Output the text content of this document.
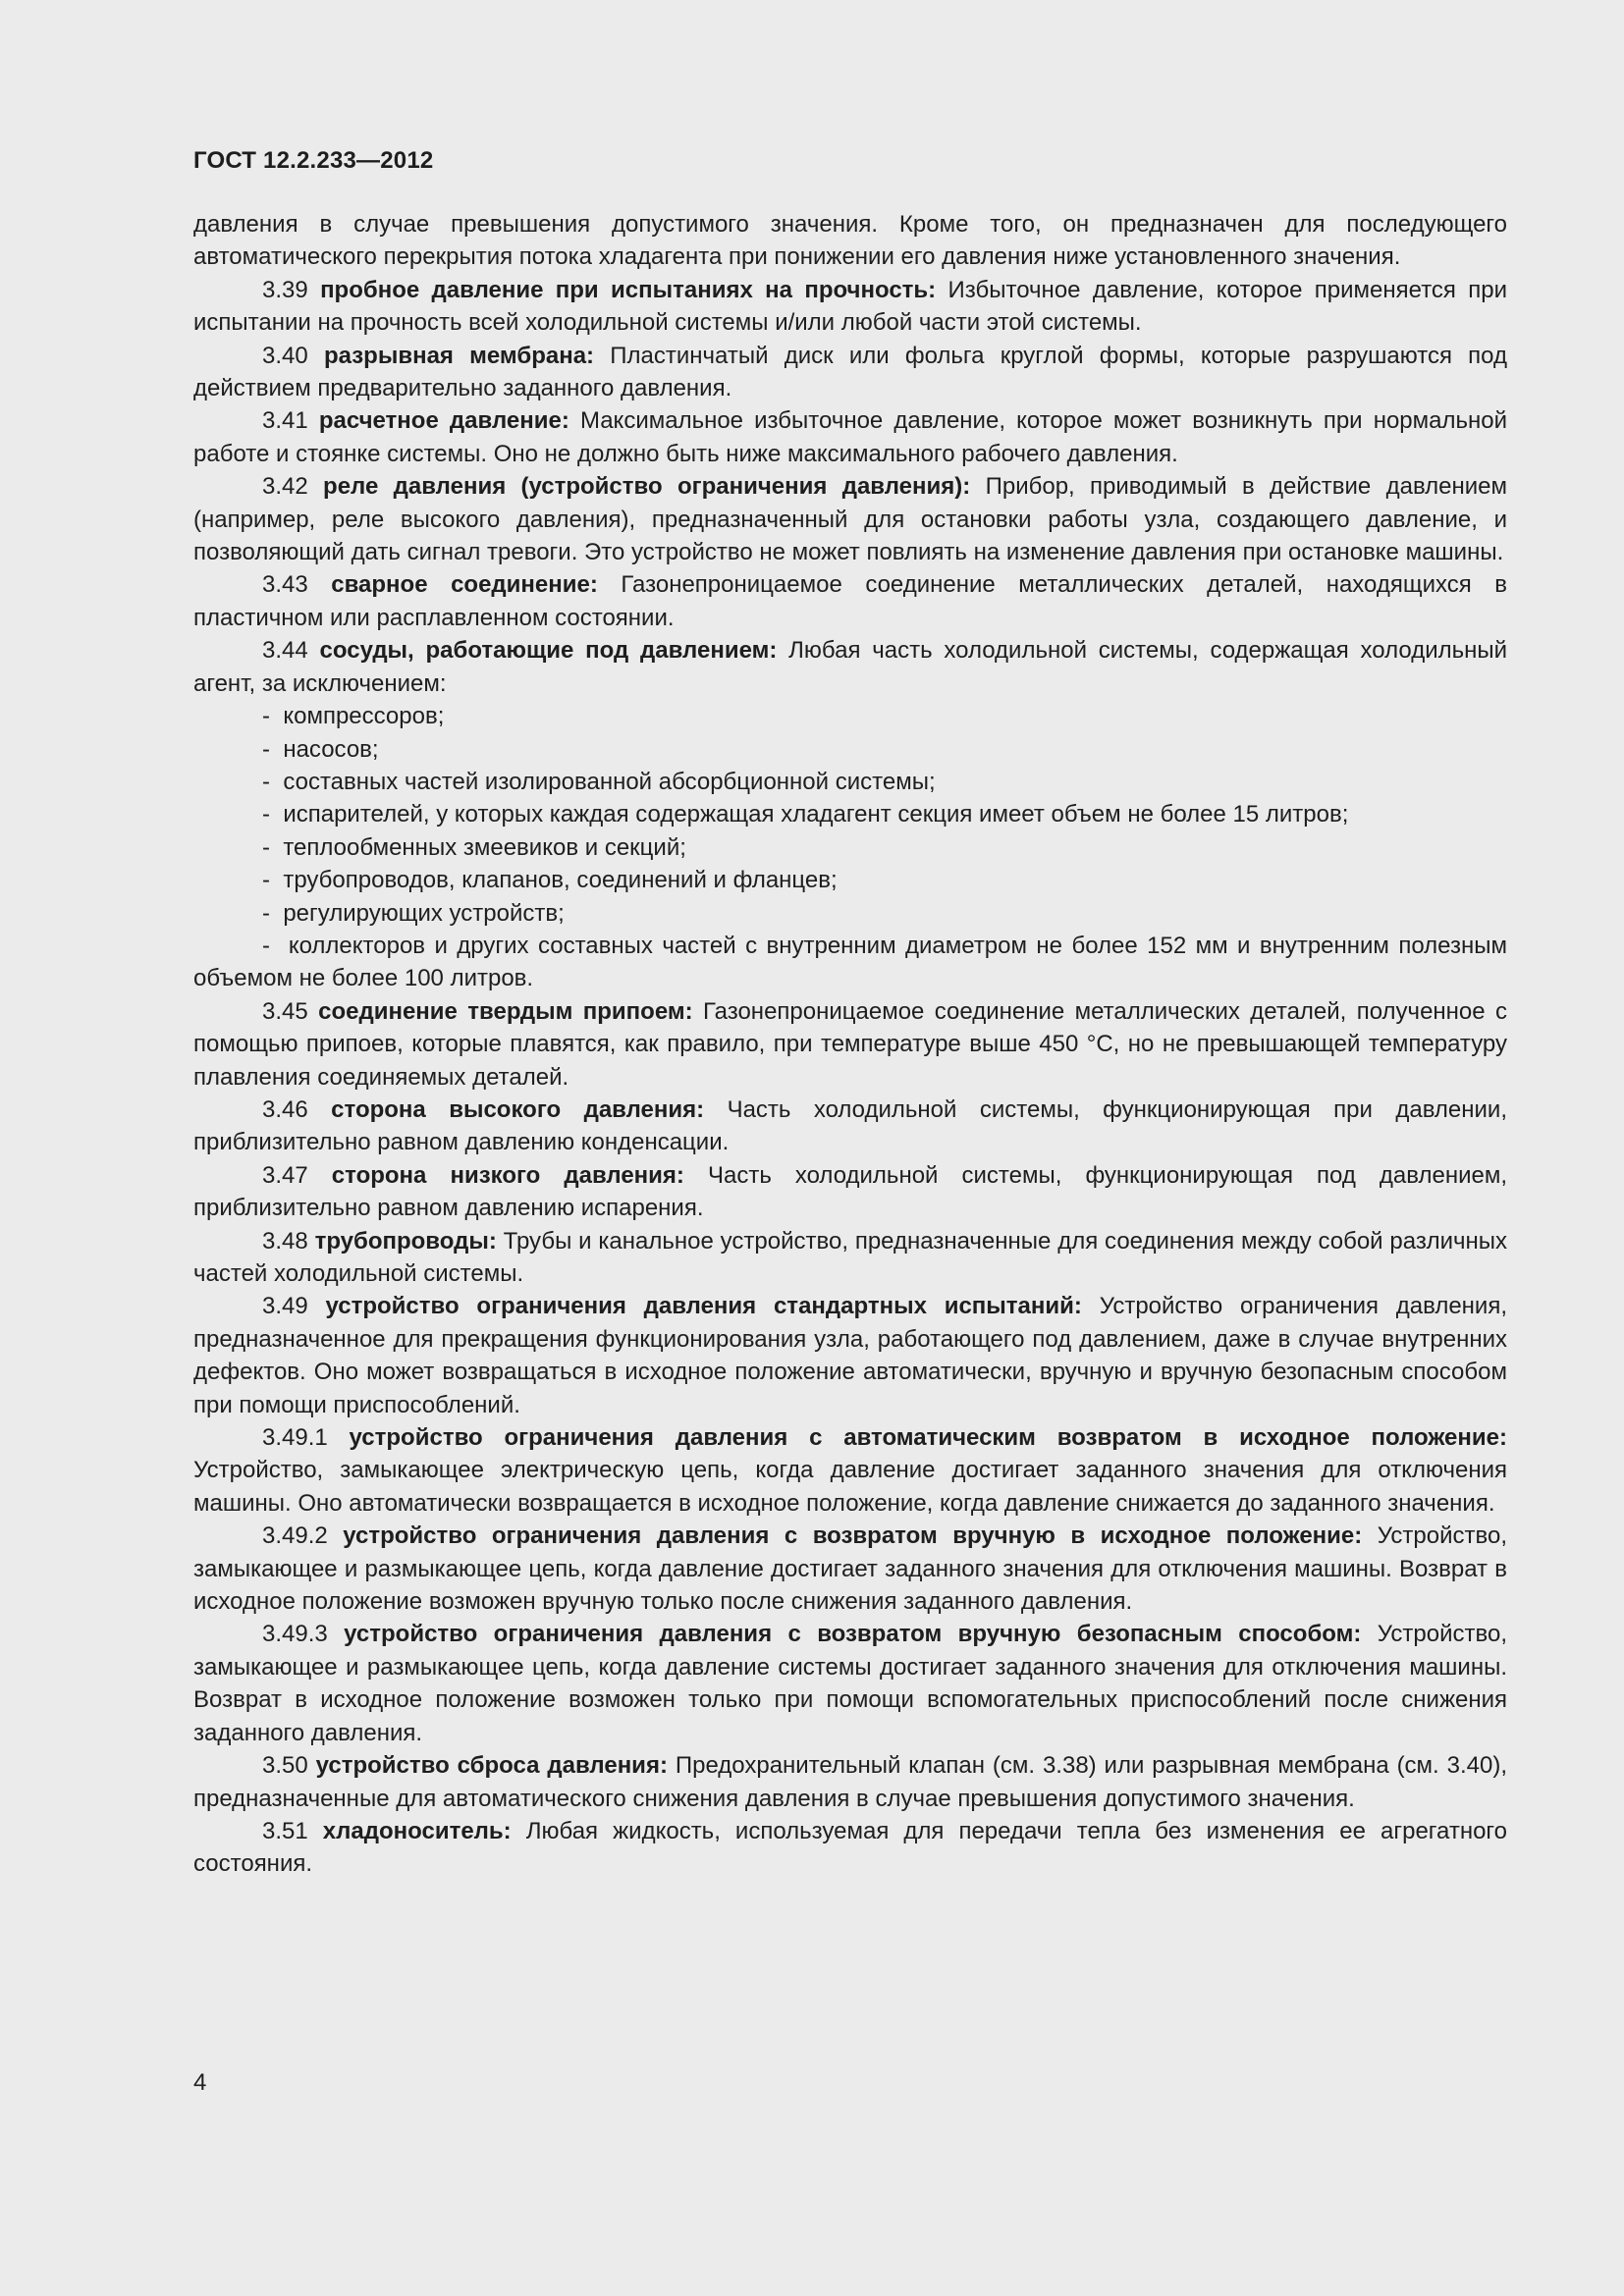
ГОСТ 12.2.233—2012

давления в случае превышения допустимого значения. Кроме того, он предназначен для последующего автоматического перекрытия потока хладагента при понижении его давления ниже установленного значения.

3.39 пробное давление при испытаниях на прочность: Избыточное давление, которое применяется при испытании на прочность всей холодильной системы и/или любой части этой системы.

3.40 разрывная мембрана: Пластинчатый диск или фольга круглой формы, которые разрушаются под действием предварительно заданного давления.

3.41 расчетное давление: Максимальное избыточное давление, которое может возникнуть при нормальной работе и стоянке системы. Оно не должно быть ниже максимального рабочего давления.

3.42 реле давления (устройство ограничения давления): Прибор, приводимый в действие давлением (например, реле высокого давления), предназначенный для остановки работы узла, создающего давление, и позволяющий дать сигнал тревоги. Это устройство не может повлиять на изменение давления при остановке машины.

3.43 сварное соединение: Газонепроницаемое соединение металлических деталей, находящихся в пластичном или расплавленном состоянии.

3.44 сосуды, работающие под давлением: Любая часть холодильной системы, содержащая холодильный агент, за исключением:

-  компрессоров;

-  насосов;

-  составных частей изолированной абсорбционной системы;

-  испарителей, у которых каждая содержащая хладагент секция имеет объем не более 15 литров;

-  теплообменных змеевиков и секций;

-  трубопроводов, клапанов, соединений и фланцев;

-  регулирующих устройств;

-  коллекторов и других составных частей с внутренним диаметром не более 152 мм и внутренним полезным объемом не более 100 литров.

3.45 соединение твердым припоем: Газонепроницаемое соединение металлических деталей, полученное с помощью припоев, которые плавятся, как правило, при температуре выше 450 °С, но не превышающей температуру плавления соединяемых деталей.

3.46 сторона высокого давления: Часть холодильной системы, функционирующая при давлении, приблизительно равном давлению конденсации.

3.47 сторона низкого давления: Часть холодильной системы, функционирующая под давлением, приблизительно равном давлению испарения.

3.48 трубопроводы: Трубы и канальное устройство, предназначенные для соединения между собой различных частей холодильной системы.

3.49 устройство ограничения давления стандартных испытаний: Устройство ограничения давления, предназначенное для прекращения функционирования узла, работающего под давлением, даже в случае внутренних дефектов. Оно может возвращаться в исходное положение автоматически, вручную и вручную безопасным способом при помощи приспособлений.

3.49.1 устройство ограничения давления с автоматическим возвратом в исходное положение: Устройство, замыкающее электрическую цепь, когда давление достигает заданного значения для отключения машины. Оно автоматически возвращается в исходное положение, когда давление снижается до заданного значения.

3.49.2 устройство ограничения давления с возвратом вручную в исходное положение: Устройство, замыкающее и размыкающее цепь, когда давление достигает заданного значения для отключения машины. Возврат в исходное положение возможен вручную только после снижения заданного давления.

3.49.3 устройство ограничения давления с возвратом вручную безопасным способом: Устройство, замыкающее и размыкающее цепь, когда давление системы достигает заданного значения для отключения машины. Возврат в исходное положение возможен только при помощи вспомогательных приспособлений после снижения заданного давления.

3.50 устройство сброса давления: Предохранительный клапан (см. 3.38) или разрывная мембрана (см. 3.40), предназначенные для автоматического снижения давления в случае превышения допустимого значения.

3.51 хладоноситель: Любая жидкость, используемая для передачи тепла без изменения ее агрегатного состояния.

4
